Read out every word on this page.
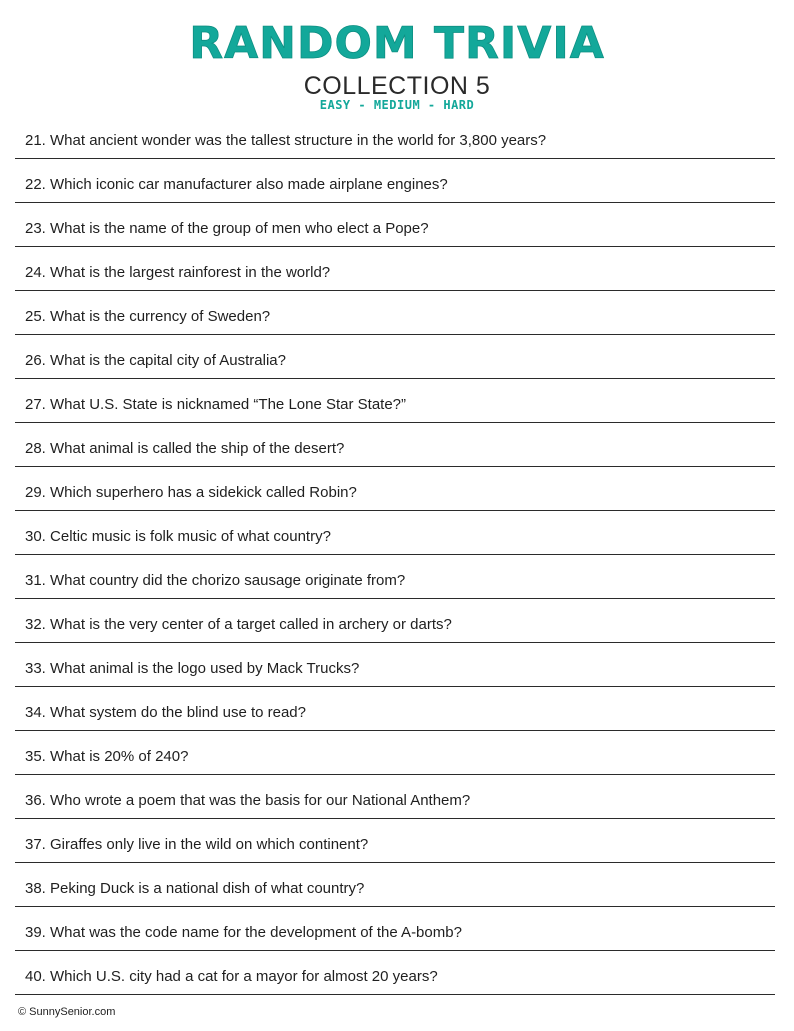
RANDOM TRIVIA
COLLECTION 5
EASY - MEDIUM - HARD
21. What ancient wonder was the tallest structure in the world for 3,800 years?
22. Which iconic car manufacturer also made airplane engines?
23. What is the name of the group of men who elect a Pope?
24. What is the largest rainforest in the world?
25. What is the currency of Sweden?
26. What is the capital city of Australia?
27. What U.S. State is nicknamed “The Lone Star State?”
28. What animal is called the ship of the desert?
29. Which superhero has a sidekick called Robin?
30. Celtic music is folk music of what country?
31. What country did the chorizo sausage originate from?
32. What is the very center of a target called in archery or darts?
33. What animal is the logo used by Mack Trucks?
34. What system do the blind use to read?
35. What is 20% of 240?
36. Who wrote a poem that was the basis for our National Anthem?
37. Giraffes only live in the wild on which continent?
38. Peking Duck is a national dish of what country?
39. What was the code name for the development of the A-bomb?
40. Which U.S. city had a cat for a mayor for almost 20 years?
© SunnySenior.com
